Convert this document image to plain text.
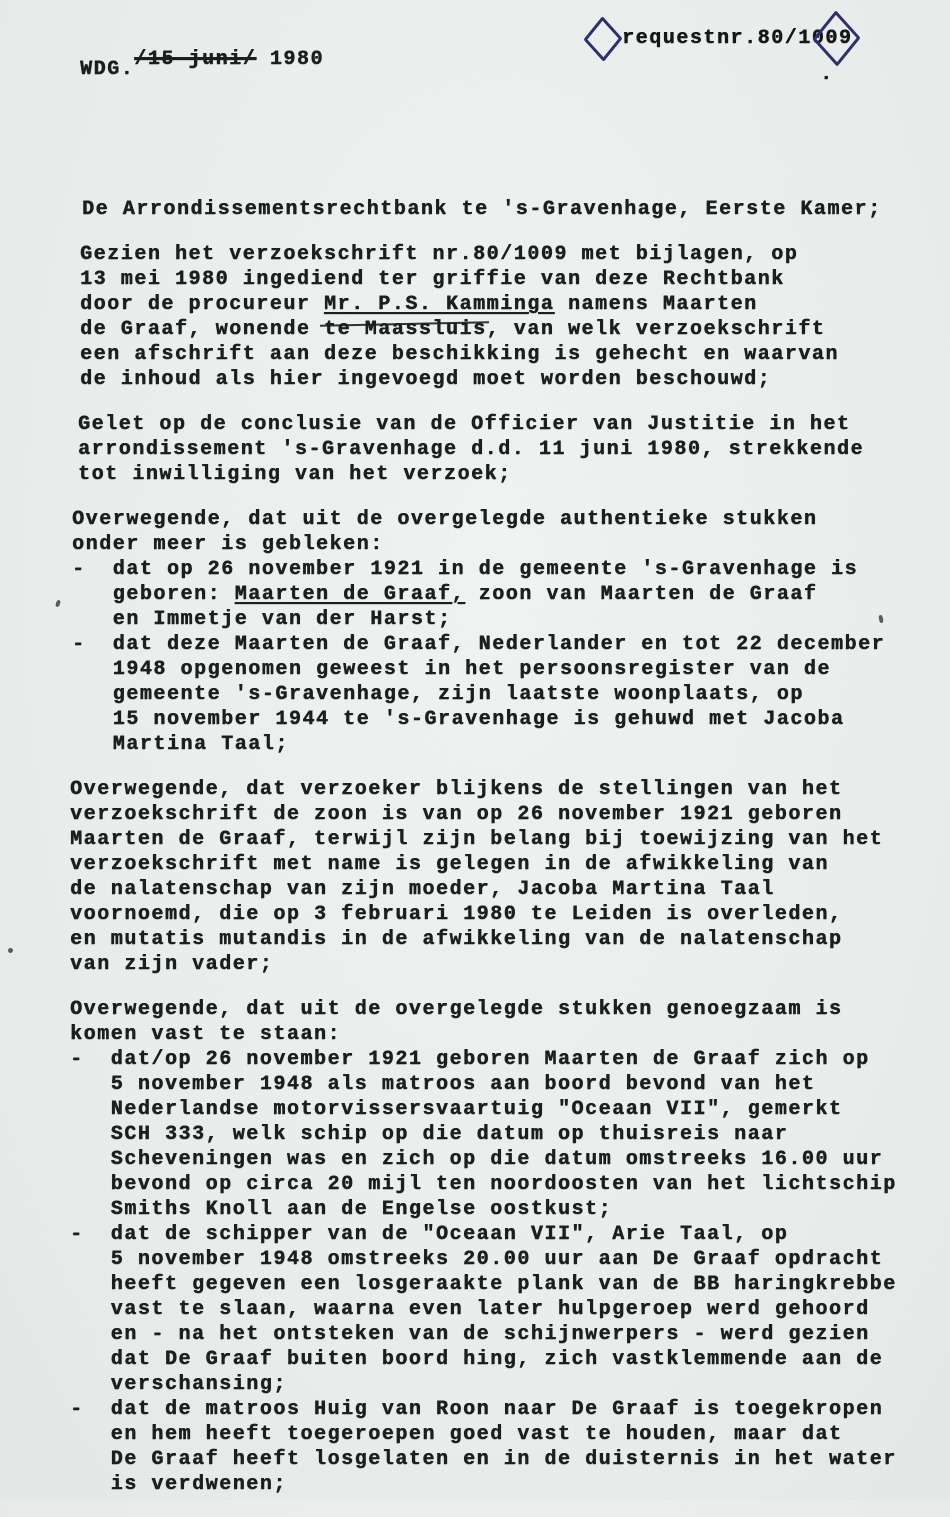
/15 juni/ 1980

WDG.
requestnr.80/1009
.
De Arrondissementsrechtbank te 's-Gravenhage, Eerste Kamer;
Gezien het verzoekschrift nr.80/1009 met bijlagen, op
13 mei 1980 ingediend ter griffie van deze Rechtbank
door de procureur Mr. P.S. Kamminga namens Maarten
de Graaf, wonende te Maassluis, van welk verzoekschrift
een afschrift aan deze beschikking is gehecht en waarvan
de inhoud als hier ingevoegd moet worden beschouwd;
Gelet op de conclusie van de Officier van Justitie in het
arrondissement 's-Gravenhage d.d. 11 juni 1980, strekkende
tot inwilliging van het verzoek;
Overwegende, dat uit de overgelegde authentieke stukken
onder meer is gebleken:
-  dat op 26 november 1921 in de gemeente 's-Gravenhage is
geboren: Maarten de Graaf, zoon van Maarten de Graaf
en Immetje van der Harst;
-  dat deze Maarten de Graaf, Nederlander en tot 22 december
1948 opgenomen geweest in het persoonsregister van de
gemeente 's-Gravenhage, zijn laatste woonplaats, op
15 november 1944 te 's-Gravenhage is gehuwd met Jacoba
Martina Taal;
Overwegende, dat verzoeker blijkens de stellingen van het
verzoekschrift de zoon is van op 26 november 1921 geboren
Maarten de Graaf, terwijl zijn belang bij toewijzing van het
verzoekschrift met name is gelegen in de afwikkeling van
de nalatenschap van zijn moeder, Jacoba Martina Taal
voornoemd, die op 3 februari 1980 te Leiden is overleden,
en mutatis mutandis in de afwikkeling van de nalatenschap
van zijn vader;
Overwegende, dat uit de overgelegde stukken genoegzaam is
komen vast te staan:
-  dat/op 26 november 1921 geboren Maarten de Graaf zich op
5 november 1948 als matroos aan boord bevond van het
Nederlandse motorvissersvaartuig "Oceaan VII", gemerkt
SCH 333, welk schip op die datum op thuisreis naar
Scheveningen was en zich op die datum omstreeks 16.00 uur
bevond op circa 20 mijl ten noordoosten van het lichtschip
Smiths Knoll aan de Engelse oostkust;
-  dat de schipper van de "Oceaan VII", Arie Taal, op
5 november 1948 omstreeks 20.00 uur aan De Graaf opdracht
heeft gegeven een losgeraakte plank van de BB haringkrebbe
vast te slaan, waarna even later hulpgeroep werd gehoord
en - na het ontsteken van de schijnwerpers - werd gezien
dat De Graaf buiten boord hing, zich vastklemmende aan de
verschansing;
-  dat de matroos Huig van Roon naar De Graaf is toegekropen
en hem heeft toegeroepen goed vast te houden, maar dat
De Graaf heeft losgelaten en in de duisternis in het water
is verdwenen;
